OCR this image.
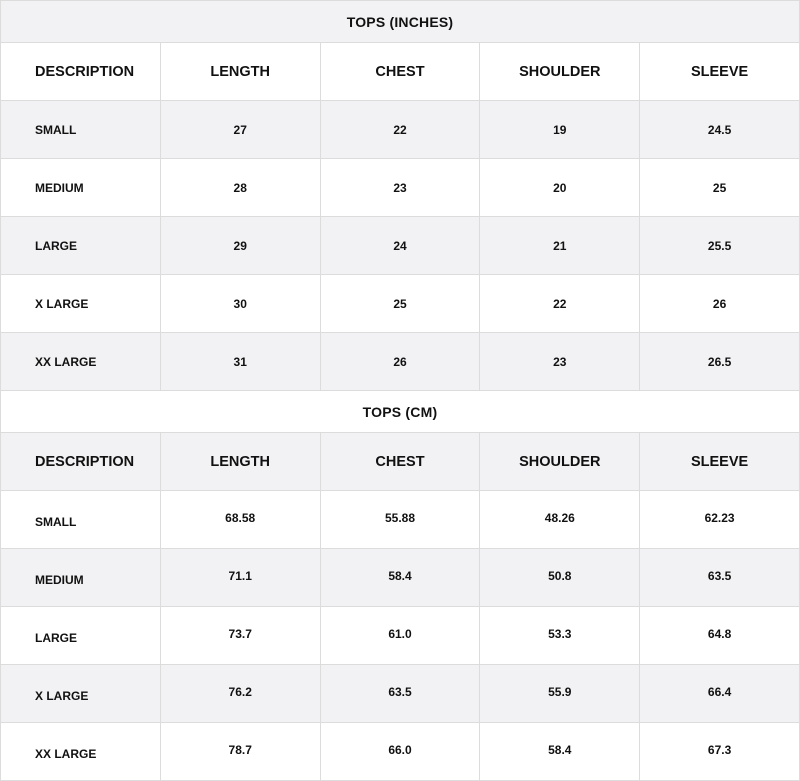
TOPS (INCHES)				
DESCRIPTION	LENGTH	CHEST	SHOULDER	SLEEVE
SMALL	27	22	19	24.5
MEDIUM	28	23	20	25
LARGE	29	24	21	25.5
X LARGE	30	25	22	26
XX LARGE	31	26	23	26.5
TOPS (CM)				
DESCRIPTION	LENGTH	CHEST	SHOULDER	SLEEVE
SMALL	68.58	55.88	48.26	62.23
MEDIUM	71.1	58.4	50.8	63.5
LARGE	73.7	61.0	53.3	64.8
X LARGE	76.2	63.5	55.9	66.4
XX LARGE	78.7	66.0	58.4	67.3
